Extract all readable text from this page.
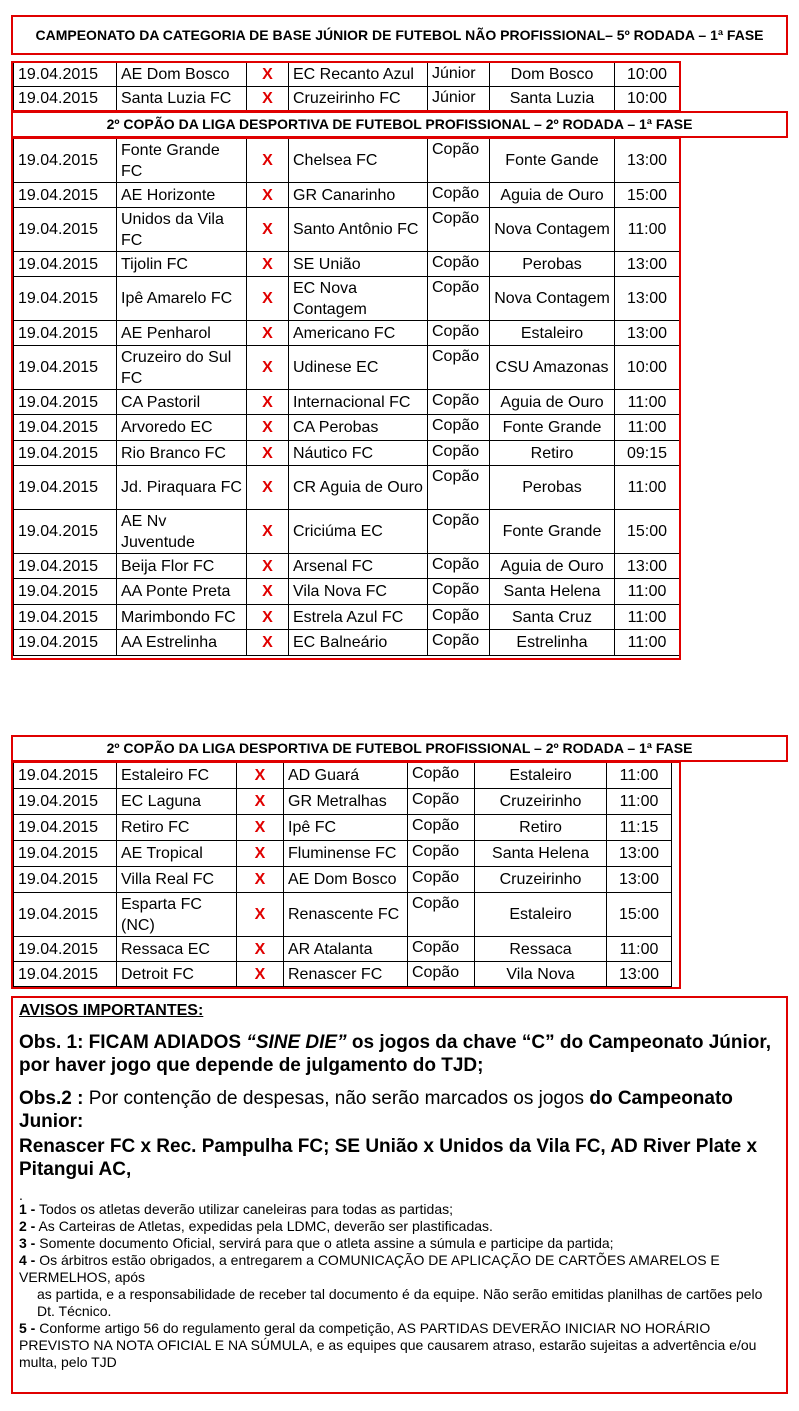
CAMPEONATO DA CATEGORIA DE BASE JÚNIOR DE FUTEBOL NÃO PROFISSIONAL– 5º RODADA – 1ª FASE
19.04.2015	AE Dom Bosco	X	EC Recanto Azul	Júnior	Dom Bosco	10:00	
19.04.2015	Santa Luzia FC	X	Cruzeirinho FC	Júnior	Santa Luzia	10:00	
2º COPÃO DA LIGA DESPORTIVA DE FUTEBOL PROFISSIONAL – 2º RODADA – 1ª FASE
19.04.2015	Fonte Grande FC	X	Chelsea FC	Copão	Fonte Gande	13:00
19.04.2015	AE Horizonte	X	GR Canarinho	Copão	Aguia de Ouro	15:00
19.04.2015	Unidos da Vila FC	X	Santo Antônio FC	Copão	Nova Contagem	11:00
19.04.2015	Tijolin FC	X	SE União	Copão	Perobas	13:00
19.04.2015	Ipê Amarelo FC	X	EC Nova Contagem	Copão	Nova Contagem	13:00
19.04.2015	AE Penharol	X	Americano FC	Copão	Estaleiro	13:00
19.04.2015	Cruzeiro do Sul FC	X	Udinese EC	Copão	CSU Amazonas	10:00
19.04.2015	CA Pastoril	X	Internacional FC	Copão	Aguia de Ouro	11:00
19.04.2015	Arvoredo EC	X	CA Perobas	Copão	Fonte Grande	11:00
19.04.2015	Rio Branco FC	X	Náutico FC	Copão	Retiro	09:15
19.04.2015	Jd. Piraquara FC	X	CR Aguia de Ouro	Copão	Perobas	11:00
19.04.2015	AE Nv Juventude	X	Criciúma EC	Copão	Fonte Grande	15:00
19.04.2015	Beija Flor FC	X	Arsenal FC	Copão	Aguia de Ouro	13:00
19.04.2015	AA Ponte Preta	X	Vila Nova FC	Copão	Santa Helena	11:00
19.04.2015	Marimbondo FC	X	Estrela Azul FC	Copão	Santa Cruz	11:00
19.04.2015	AA Estrelinha	X	EC Balneário	Copão	Estrelinha	11:00
2º COPÃO DA LIGA DESPORTIVA DE FUTEBOL PROFISSIONAL – 2º RODADA – 1ª FASE
19.04.2015	Estaleiro FC	X	AD Guará	Copão	Estaleiro	11:00
19.04.2015	EC Laguna	X	GR Metralhas	Copão	Cruzeirinho	11:00
19.04.2015	Retiro FC	X	Ipê FC	Copão	Retiro	11:15
19.04.2015	AE Tropical	X	Fluminense FC	Copão	Santa Helena	13:00
19.04.2015	Villa Real FC	X	AE Dom Bosco	Copão	Cruzeirinho	13:00
19.04.2015	Esparta FC (NC)	X	Renascente FC	Copão	Estaleiro	15:00
19.04.2015	Ressaca EC	X	AR Atalanta	Copão	Ressaca	11:00
19.04.2015	Detroit FC	X	Renascer FC	Copão	Vila Nova	13:00
AVISOS IMPORTANTES:
Obs. 1: FICAM ADIADOS “SINE DIE” os jogos da chave “C” do Campeonato Júnior, por haver jogo que depende de julgamento do TJD;
Obs.2 : Por contenção de despesas, não serão marcados os jogos do Campeonato Junior:
Renascer FC x Rec. Pampulha FC; SE União x Unidos da Vila FC, AD River Plate x Pitangui AC,
.
1 - Todos os atletas deverão utilizar caneleiras para todas as partidas;
2 - As Carteiras de Atletas, expedidas pela LDMC, deverão ser plastificadas.
3 - Somente documento Oficial, servirá para que o atleta assine a súmula e participe da partida;
4 - Os árbitros estão obrigados, a entregarem a COMUNICAÇÃO DE APLICAÇÃO DE CARTÕES AMARELOS E VERMELHOS, após
as partida, e a responsabilidade de receber tal documento é da equipe. Não serão emitidas planilhas de cartões pelo Dt. Técnico.
5 - Conforme artigo 56 do regulamento geral da competição, AS PARTIDAS DEVERÃO INICIAR NO HORÁRIO PREVISTO NA NOTA OFICIAL E NA SÚMULA, e as equipes que causarem atraso, estarão sujeitas a advertência e/ou multa, pelo TJD
